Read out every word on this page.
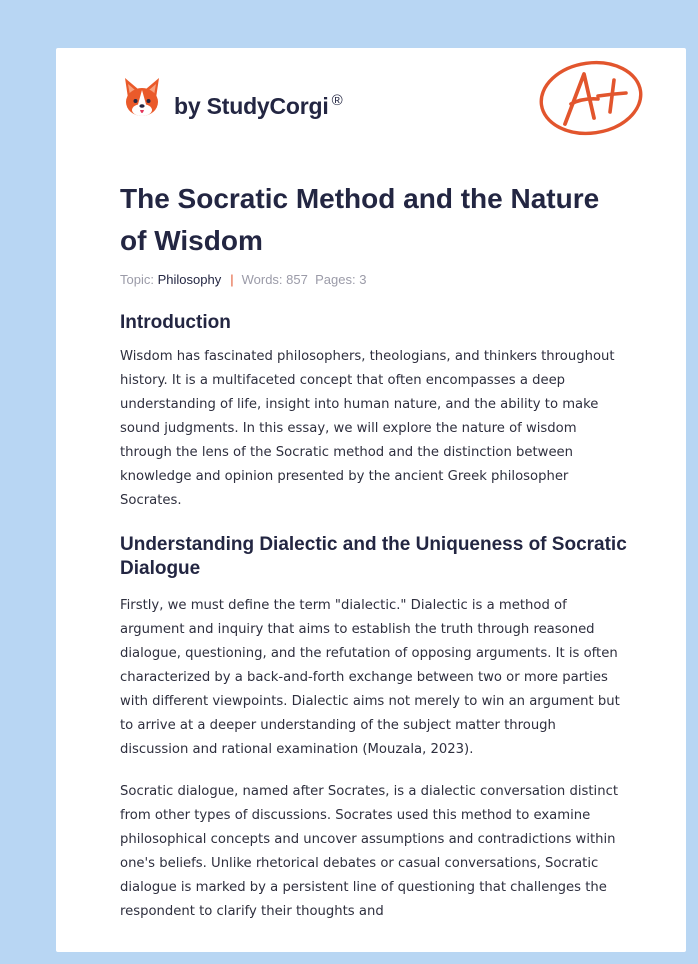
by StudyCorgi ®
The Socratic Method and the Nature of Wisdom
Topic: Philosophy | Words: 857 Pages: 3
Introduction

Wisdom has fascinated philosophers, theologians, and thinkers throughout history. It is a multifaceted concept that often encompasses a deep understanding of life, insight into human nature, and the ability to make sound judgments. In this essay, we will explore the nature of wisdom through the lens of the Socratic method and the distinction between knowledge and opinion presented by the ancient Greek philosopher Socrates.

Understanding Dialectic and the Uniqueness of Socratic Dialogue

Firstly, we must define the term "dialectic." Dialectic is a method of argument and inquiry that aims to establish the truth through reasoned dialogue, questioning, and the refutation of opposing arguments. It is often characterized by a back-and-forth exchange between two or more parties with different viewpoints. Dialectic aims not merely to win an argument but to arrive at a deeper understanding of the subject matter through discussion and rational examination (Mouzala, 2023).

Socratic dialogue, named after Socrates, is a dialectic conversation distinct from other types of discussions. Socrates used this method to examine philosophical concepts and uncover assumptions and contradictions within one's beliefs. Unlike rhetorical debates or casual conversations, Socratic dialogue is marked by a persistent line of questioning that challenges the respondent to clarify their thoughts and
